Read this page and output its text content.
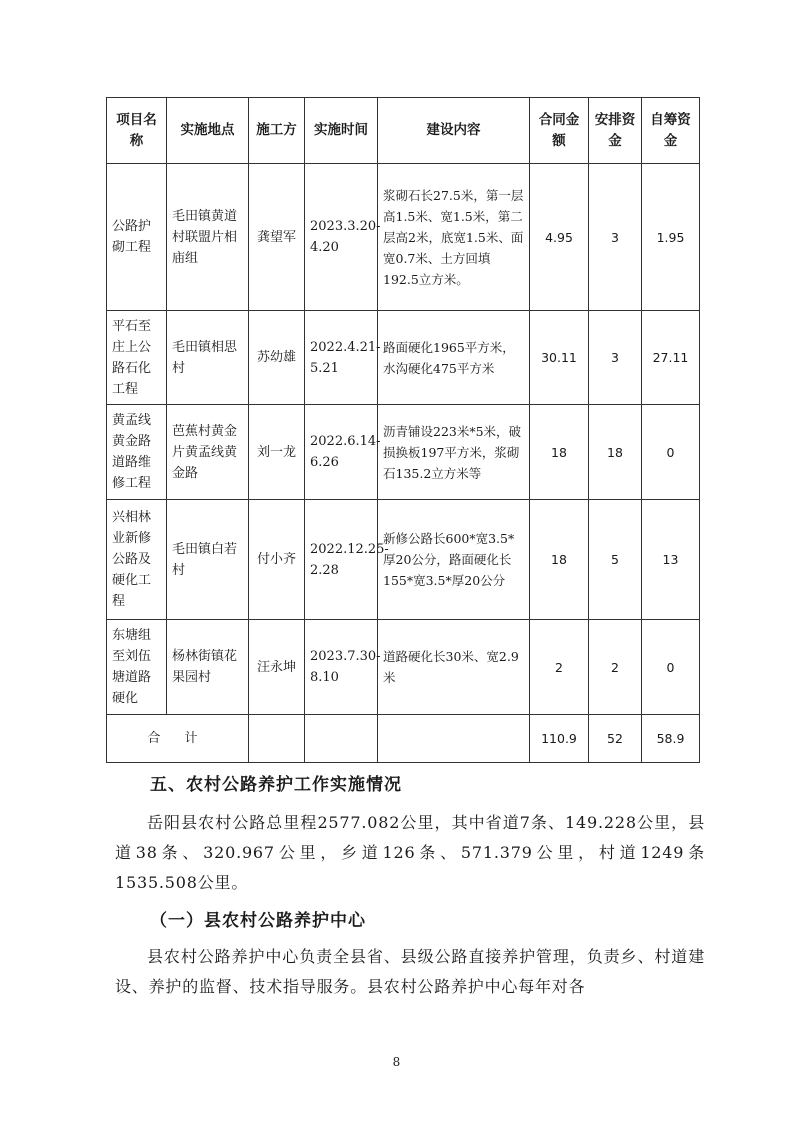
项目名称	实施地点	施工方	实施时间	建设内容	合同金额	安排资金	自筹资金
公路护砌工程	毛田镇黄道村联盟片相庙组	龚望军	2023.3.20-4.20	浆砌石长27.5米，第一层高1.5米、宽1.5米，第二层高2米，底宽1.5米、面宽0.7米、土方回填192.5立方米。	4.95	3	1.95
平石至庄上公路石化工程	毛田镇相思村	苏幼雄	2022.4.21-5.21	路面硬化1965平方米，水沟硬化475平方米	30.11	3	27.11
黄孟线黄金路道路维修工程	芭蕉村黄金片黄孟线黄金路	刘一龙	2022.6.14-6.26	沥青铺设223米*5米，破损换板197平方米，浆砌石135.2立方米等	18	18	0
兴相林业新修公路及硬化工程	毛田镇白若村	付小齐	2022.12.25-2.28	新修公路长600*宽3.5*厚20公分，路面硬化长155*宽3.5*厚20公分	18	5	13
东塘组至刘伍塘道路硬化	杨林街镇花果园村	汪永坤	2023.7.30-8.10	道路硬化长30米、宽2.9米	2	2	0
合 计					110.9	52	58.9
五、农村公路养护工作实施情况
岳阳县农村公路总里程2577.082公里，其中省道7条、149.228公里，县道38条、320.967公里，乡道126条、571.379公里，村道1249条1535.508公里。
（一）县农村公路养护中心
县农村公路养护中心负责全县省、县级公路直接养护管理，负责乡、村道建设、养护的监督、技术指导服务。县农村公路养护中心每年对各
8
